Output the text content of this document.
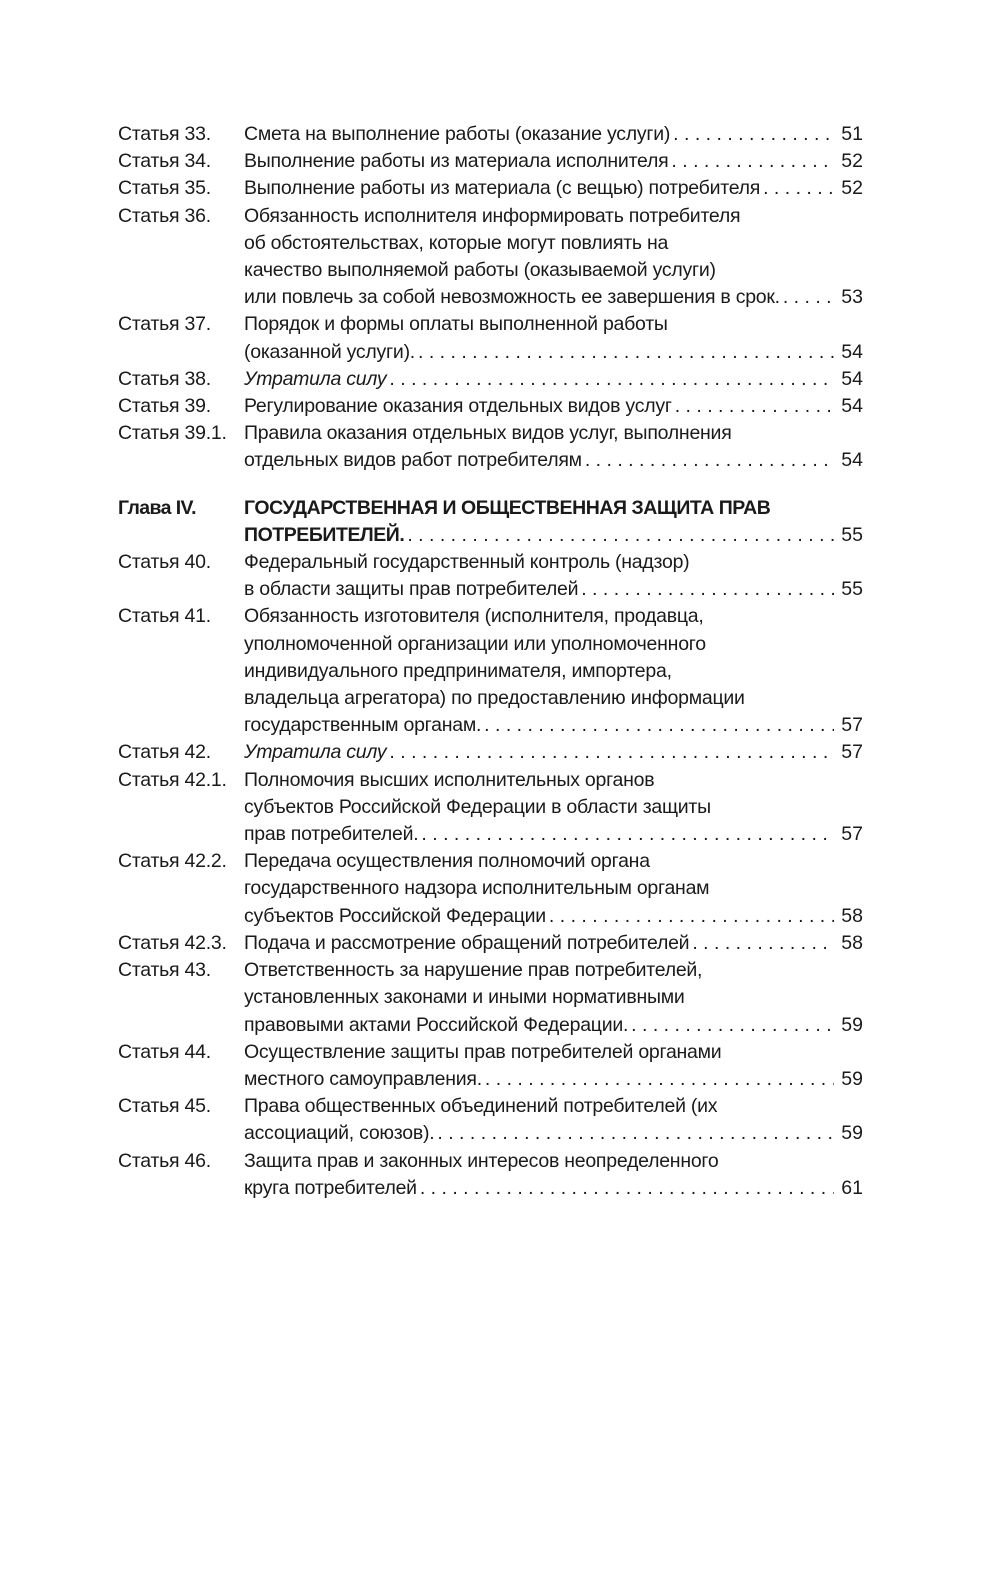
Статья 33.	Смета на выполнение работы (оказание услуги) . . .	51
Статья 34.	Выполнение работы из материала исполнителя . . .	52
Статья 35.	Выполнение работы из материала (с вещью) потребителя . . .	52
Статья 36.	Обязанность исполнителя информировать потребителя
об обстоятельствах, которые могут повлиять на
качество выполняемой работы (оказываемой услуги)
или повлечь за собой невозможность ее завершения в срок. . . .	53
Статья 37.	Порядок и формы оплаты выполненной работы
(оказанной услуги). . . .	54
Статья 38.	Утратила силу . . .	54
Статья 39.	Регулирование оказания отдельных видов услуг . . .	54
Статья 39.1. Правила оказания отдельных видов услуг, выполнения
отдельных видов работ потребителям . . .	54
Глава IV.	ГОСУДАРСТВЕННАЯ И ОБЩЕСТВЕННАЯ ЗАЩИТА ПРАВ
ПОТРЕБИТЕЛЕЙ. . . .	55
Статья 40.	Федеральный государственный контроль (надзор)
в области защиты прав потребителей . . .	55
Статья 41.	Обязанность изготовителя (исполнителя, продавца,
уполномоченной организации или уполномоченного
индивидуального предпринимателя, импортера,
владельца агрегатора) по предоставлению информации
государственным органам. . . .	57
Статья 42.	Утратила силу . . .	57
Статья 42.1. Полномочия высших исполнительных органов
субъектов Российской Федерации в области защиты
прав потребителей. . . .	57
Статья 42.2. Передача осуществления полномочий органа
государственного надзора исполнительным органам
субъектов Российской Федерации . . .	58
Статья 42.3. Подача и рассмотрение обращений потребителей . . .	58
Статья 43.	Ответственность за нарушение прав потребителей,
установленных законами и иными нормативными
правовыми актами Российской Федерации. . . .	59
Статья 44.	Осуществление защиты прав потребителей органами
местного самоуправления. . . .	59
Статья 45.	Права общественных объединений потребителей (их
ассоциаций, союзов). . . .	59
Статья 46.	Защита прав и законных интересов неопределенного
круга потребителей . . .	61
